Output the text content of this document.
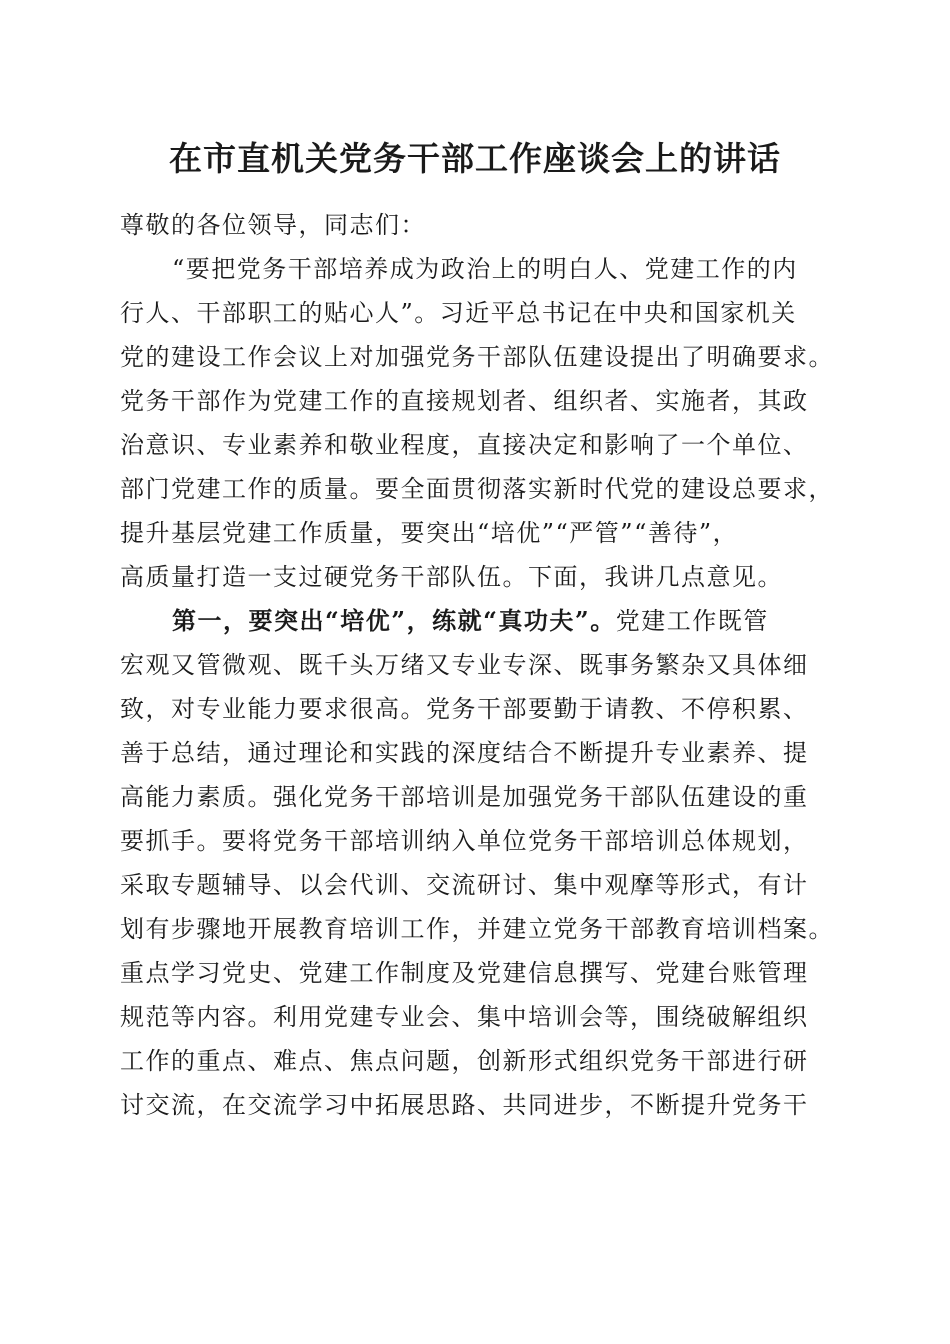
在市直机关党务干部工作座谈会上的讲话
尊敬的各位领导，同志们：
“要把党务干部培养成为政治上的明白人、党建工作的内
行人、干部职工的贴心人”。习近平总书记在中央和国家机关
党的建设工作会议上对加强党务干部队伍建设提出了明确要求。
党务干部作为党建工作的直接规划者、组织者、实施者，其政
治意识、专业素养和敬业程度，直接决定和影响了一个单位、
部门党建工作的质量。要全面贯彻落实新时代党的建设总要求，
提升基层党建工作质量，要突出“培优”“严管”“善待”，
高质量打造一支过硬党务干部队伍。下面，我讲几点意见。
第一，要突出“培优”，练就“真功夫”。党建工作既管
宏观又管微观、既千头万绪又专业专深、既事务繁杂又具体细
致，对专业能力要求很高。党务干部要勤于请教、不停积累、
善于总结，通过理论和实践的深度结合不断提升专业素养、提
高能力素质。强化党务干部培训是加强党务干部队伍建设的重
要抓手。要将党务干部培训纳入单位党务干部培训总体规划，
采取专题辅导、以会代训、交流研讨、集中观摩等形式，有计
划有步骤地开展教育培训工作，并建立党务干部教育培训档案。
重点学习党史、党建工作制度及党建信息撰写、党建台账管理
规范等内容。利用党建专业会、集中培训会等，围绕破解组织
工作的重点、难点、焦点问题，创新形式组织党务干部进行研
讨交流，在交流学习中拓展思路、共同进步，不断提升党务干
